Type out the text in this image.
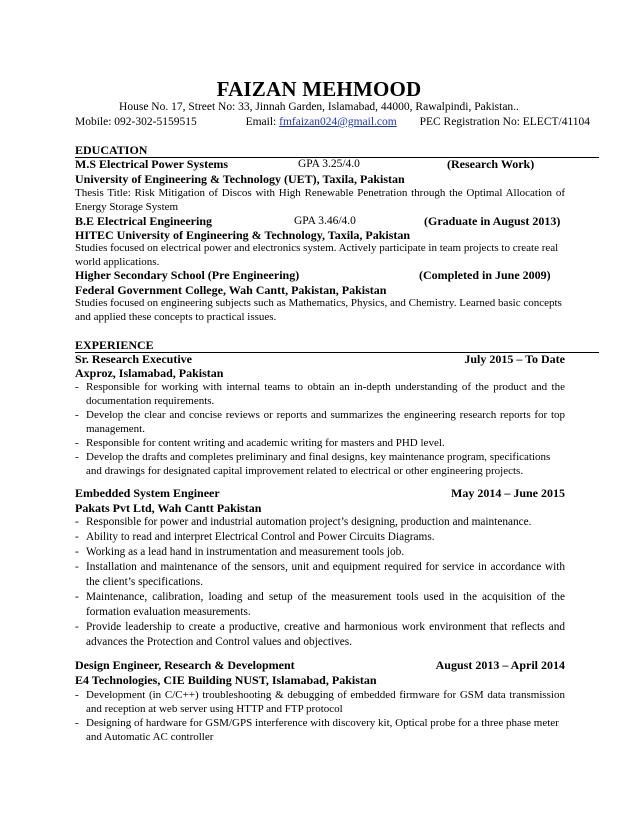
FAIZAN MEHMOOD
House No. 17, Street No: 33, Jinnah Garden, Islamabad, 44000, Rawalpindi, Pakistan..
Mobile: 092-302-5159515	Email: fmfaizan024@gmail.com PEC Registration No: ELECT/41104
EDUCATION
M.S Electrical Power Systems	GPA 3.25/4.0	(Research Work)
University of Engineering & Technology (UET), Taxila, Pakistan
Thesis Title: Risk Mitigation of Discos with High Renewable Penetration through the Optimal Allocation of Energy Storage System
B.E Electrical Engineering	GPA 3.46/4.0	(Graduate in August 2013)
HITEC University of Engineering & Technology, Taxila, Pakistan
Studies focused on electrical power and electronics system. Actively participate in team projects to create real world applications.
Higher Secondary School (Pre Engineering)	(Completed in June 2009)
Federal Government College, Wah Cantt, Pakistan, Pakistan
Studies focused on engineering subjects such as Mathematics, Physics, and Chemistry. Learned basic concepts and applied these concepts to practical issues.
EXPERIENCE
Sr. Research Executive	July 2015 – To Date
Axproz, Islamabad, Pakistan
- Responsible for working with internal teams to obtain an in-depth understanding of the product and the documentation requirements.
- Develop the clear and concise reviews or reports and summarizes the engineering research reports for top management.
- Responsible for content writing and academic writing for masters and PHD level.
- Develop the drafts and completes preliminary and final designs, key maintenance program, specifications and drawings for designated capital improvement related to electrical or other engineering projects.
Embedded System Engineer	May 2014 – June 2015
Pakats Pvt Ltd, Wah Cantt Pakistan
- Responsible for power and industrial automation project’s designing, production and maintenance.
- Ability to read and interpret Electrical Control and Power Circuits Diagrams.
- Working as a lead hand in instrumentation and measurement tools job.
- Installation and maintenance of the sensors, unit and equipment required for service in accordance with the client’s specifications.
- Maintenance, calibration, loading and setup of the measurement tools used in the acquisition of the formation evaluation measurements.
- Provide leadership to create a productive, creative and harmonious work environment that reflects and advances the Protection and Control values and objectives.
Design Engineer, Research & Development	August 2013 – April 2014
E4 Technologies, CIE Building NUST, Islamabad, Pakistan
- Development (in C/C++) troubleshooting & debugging of embedded firmware for GSM data transmission and reception at web server using HTTP and FTP protocol
- Designing of hardware for GSM/GPS interference with discovery kit, Optical probe for a three phase meter and Automatic AC controller
